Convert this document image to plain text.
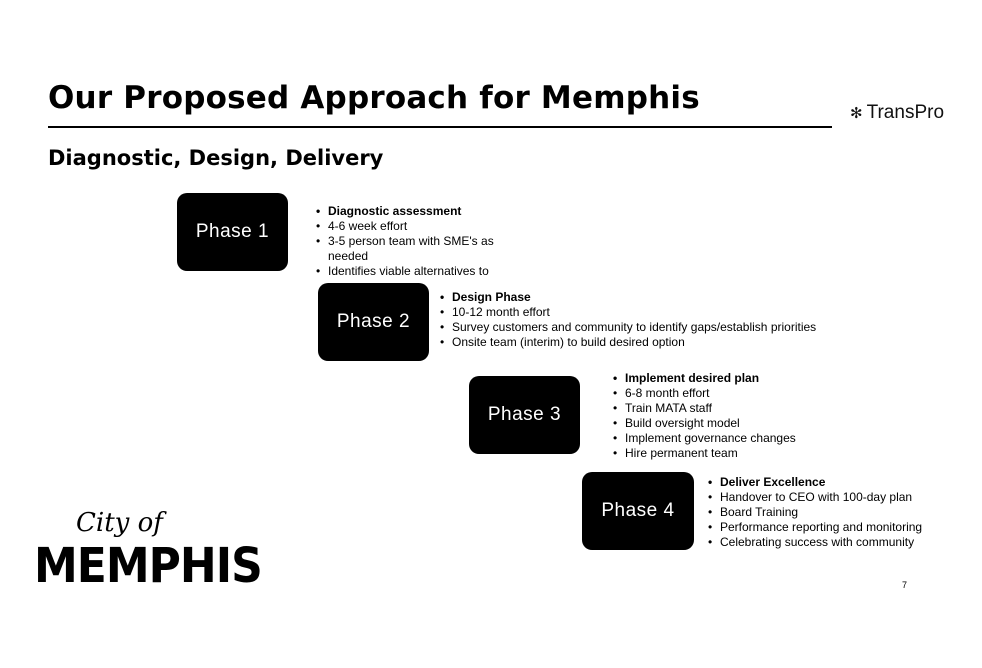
Our Proposed Approach for Memphis
Diagnostic, Design, Delivery
✻ TransPro
Phase 1
• Diagnostic assessment
• 4-6 week effort
• 3-5 person team with SME's as needed
• Identifies viable alternatives to
Phase 2
• Design Phase
• 10-12 month effort
• Survey customers and community to identify gaps/establish priorities
• Onsite team (interim) to build desired option
Phase 3
• Implement desired plan
• 6-8 month effort
• Train MATA staff
• Build oversight model
• Implement governance changes
• Hire permanent team
Phase 4
• Deliver Excellence
• Handover to CEO with 100-day plan
• Board Training
• Performance reporting and monitoring
• Celebrating success with community
City of
MEMPHIS	7
